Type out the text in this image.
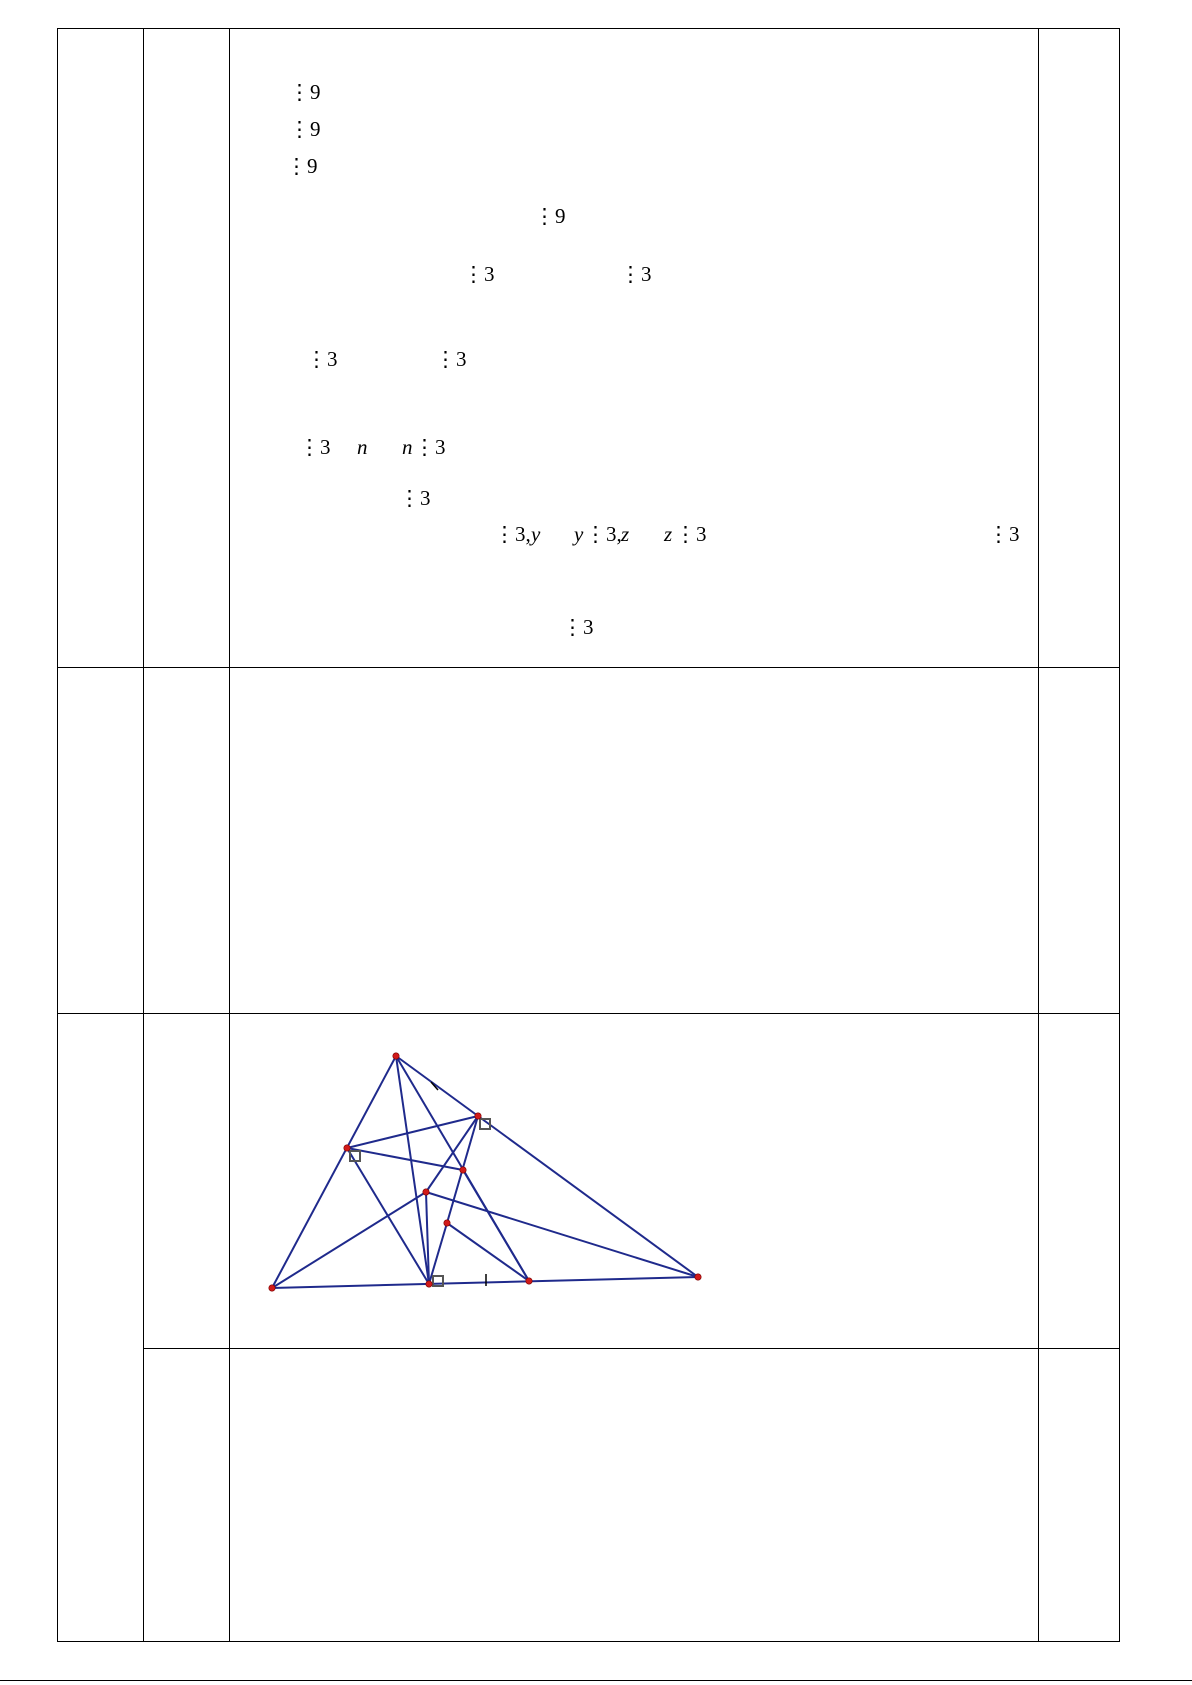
⋮9
⋮9
⋮9
⋮9
⋮3	⋮3
⋮3	⋮3
⋮3 n n ⋮3
⋮3
⋮3, y y ⋮3, z z ⋮3	⋮3
⋮3
